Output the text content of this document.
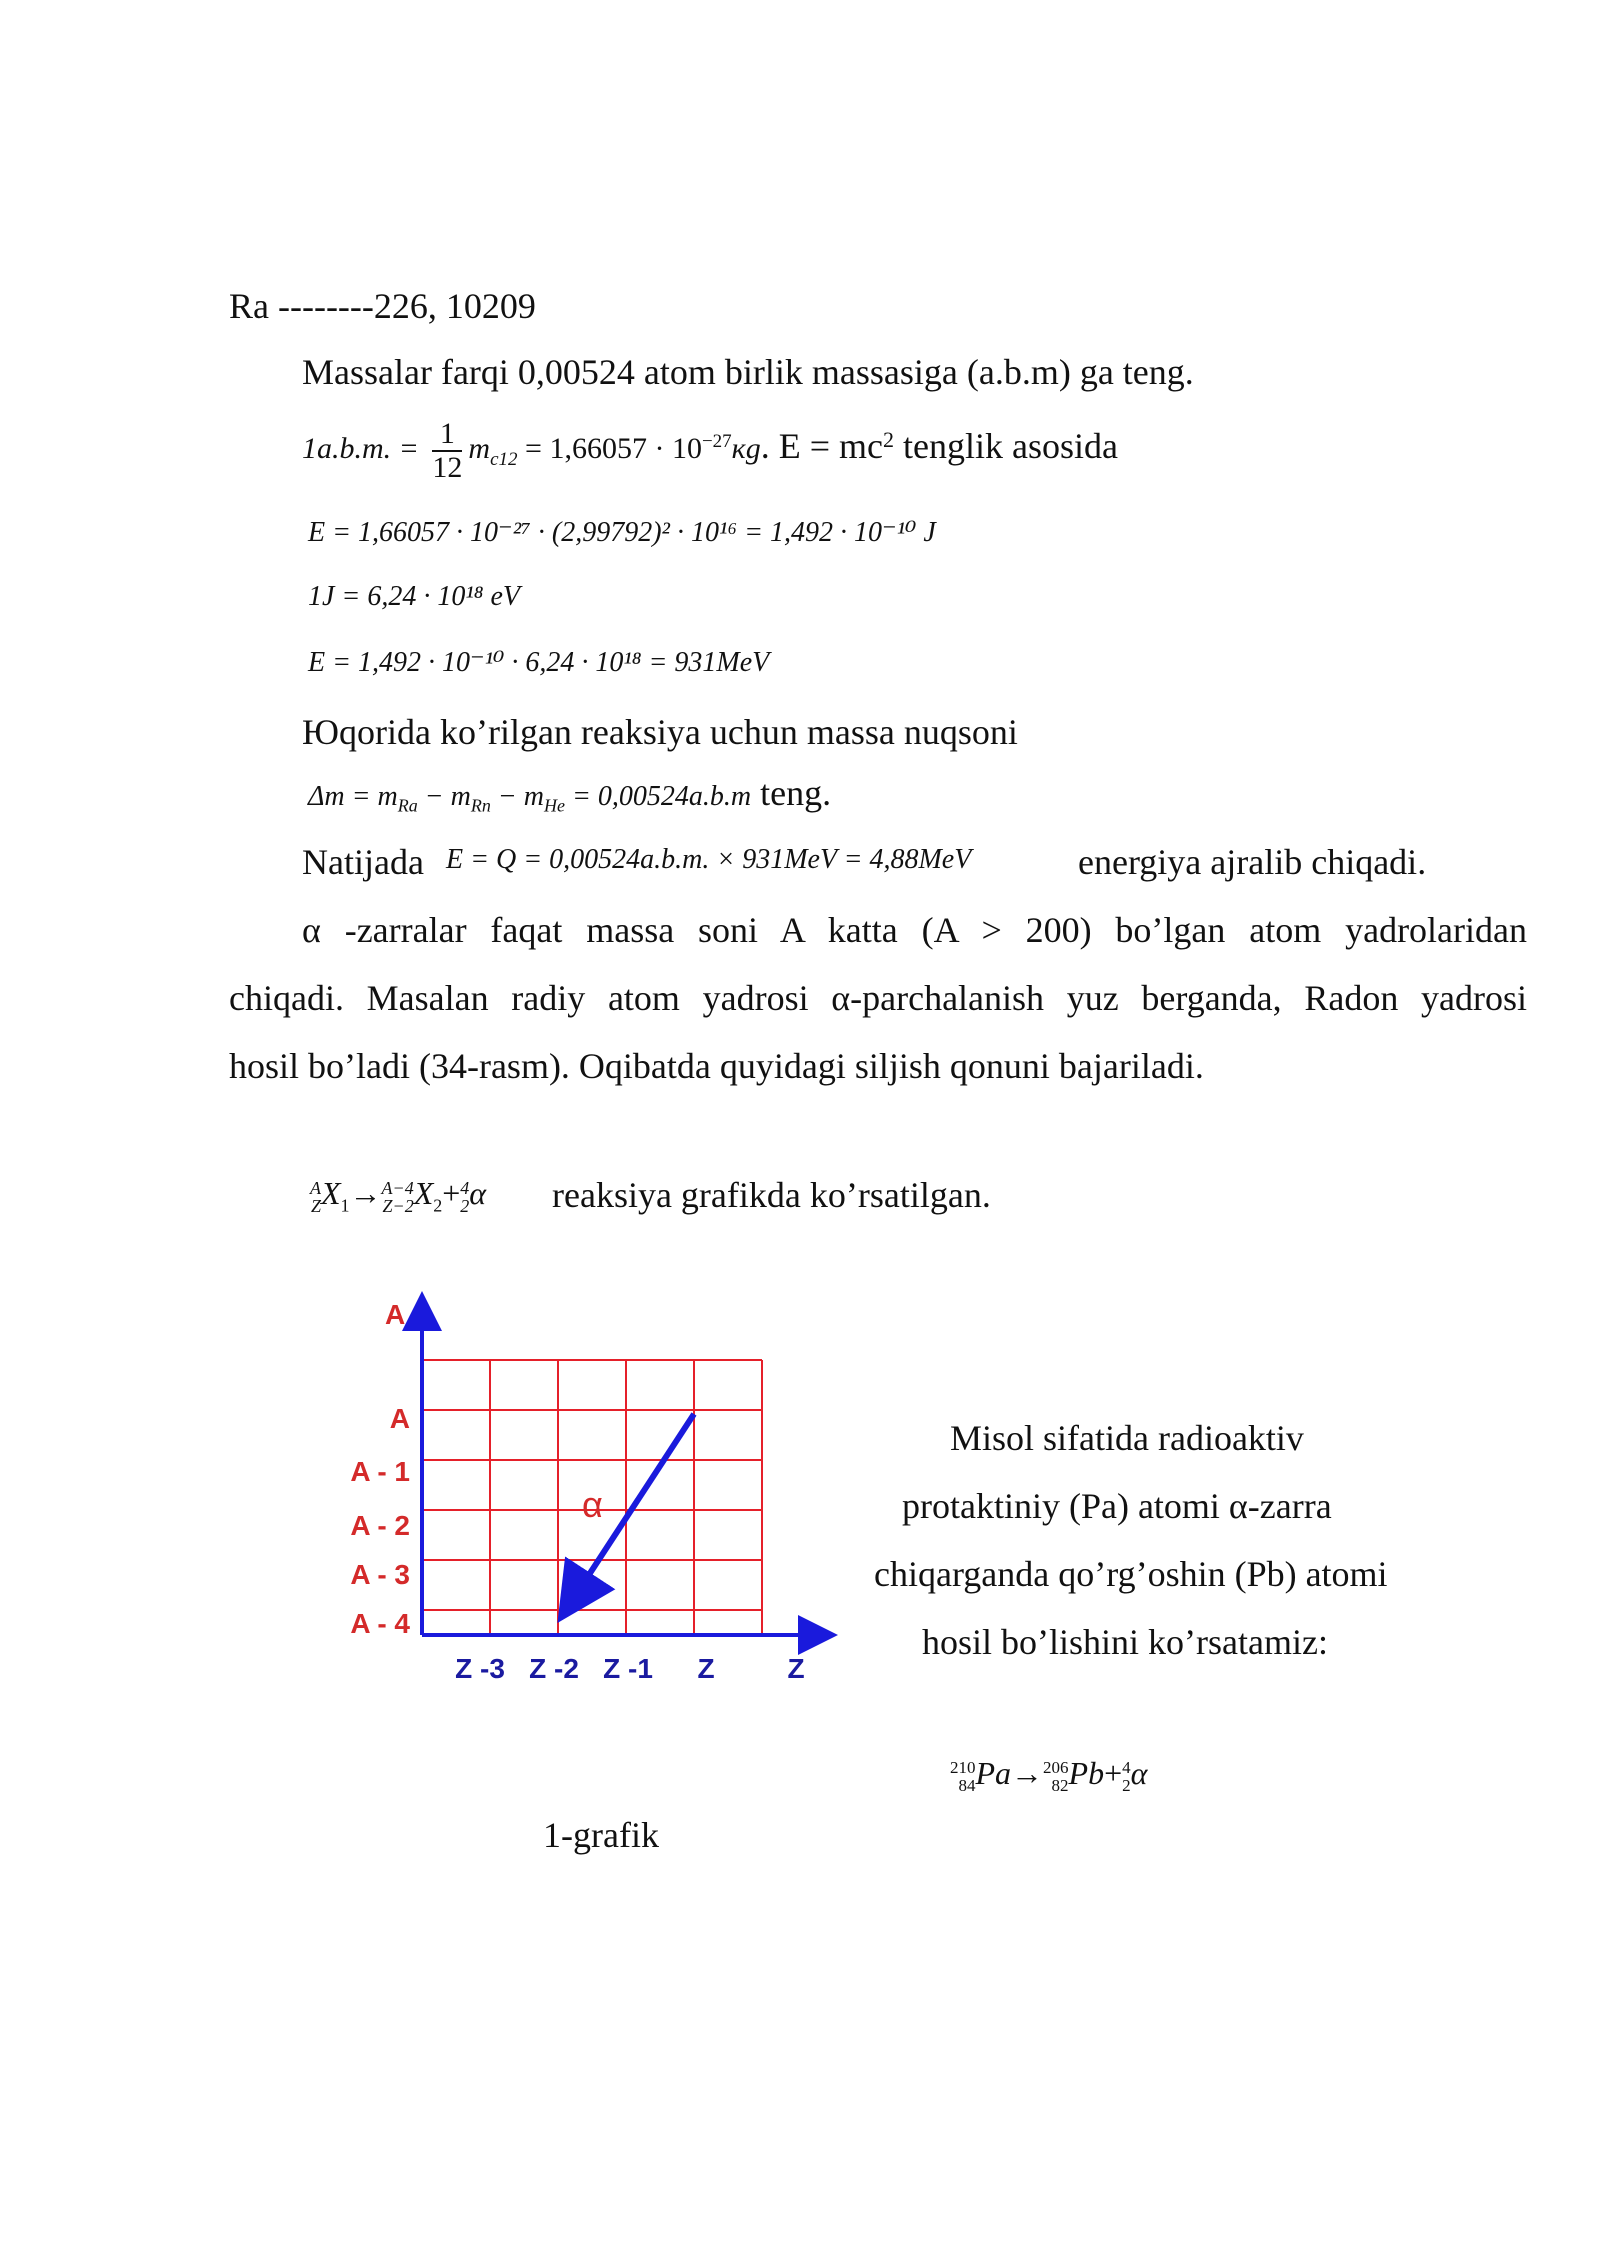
Ra --------226, 10209

Massalar farqi 0,00524 atom birlik massasiga (a.b.m) ga teng.

1a.b.m. = $\frac{1}{12} m_{c12} = 1,66057 \cdot 10^{-27}кg$. $E = mc^2$ tenglik asosida
E = 1,66057 · 10⁻²⁷ · (2,99792)² · 10¹⁶ = 1,492 · 10⁻¹⁰ J
1J = 6,24 · 10¹⁸ eV
E = 1,492 · 10⁻¹⁰ · 6,24 · 10¹⁸ = 931MeV

Юqorida ko’rilgan reaksiya uchun massa nuqsoni

$\Delta m = m_{Ra} - m_{Rn} - m_{He} = 0,00524a.b.m$ teng.

Natijada E = Q = 0,00524a.b.m. × 931MeV = 4,88MeV	energiya ajralib chiqadi.

α -zarralar faqat massa soni A katta (A > 200) bo’lgan atom yadrolaridan

chiqadi. Masalan radiy atom yadrosi α-parchalanish yuz berganda, Radon yadrosi

hosil bo’ladi (34-rasm). Oqibatda quyidagi siljish qonuni bajariladi.

A
Z $X_1\to A-4$
Z−2 $X_2+ 4$
2 α reaksiya grafikda ko’rsatilgan.

α
A
A
A - 1
A - 2
A - 3
A - 4
Z -3 Z -2 Z -1 Z	Z

1-grafik

Misol sifatida radioaktiv

protaktiniy (Pa) atomi α-zarra

chiqarganda qo’rg’oshin (Pb) atomi

hosil bo’lishini ko’rsatamiz:

210
84 Pa→ 206
82 Pb+ 4
2 α
